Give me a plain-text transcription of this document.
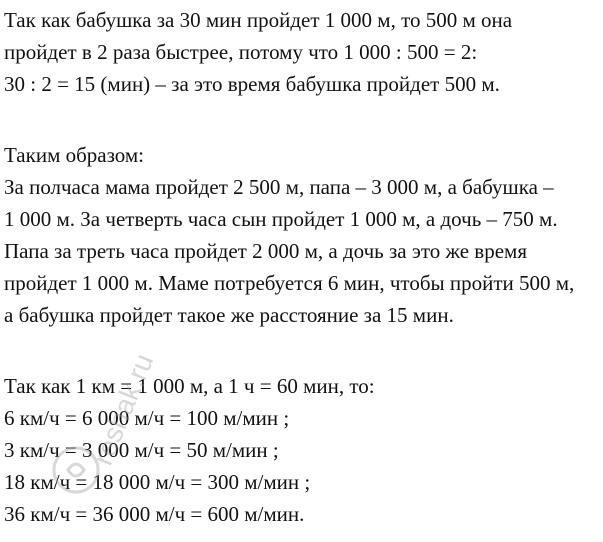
Так как бабушка за 30 мин пройдет 1 000 м, то 500 м она
пройдет в 2 раза быстрее, потому что 1 000 : 500 = 2:
30 : 2 = 15 (мин) – за это время бабушка пройдет 500 м.
Таким образом:
За полчаса мама пройдет 2 500 м, папа – 3 000 м, а бабушка –
1 000 м. За четверть часа сын пройдет 1 000 м, а дочь – 750 м.
Папа за треть часа пройдет 2 000 м, а дочь за это же время
пройдет 1 000 м. Маме потребуется 6 мин, чтобы пройти 500 м,
а бабушка пройдет такое же расстояние за 15 мин.
Так как 1 км = 1 000 м, а 1 ч = 60 мин, то:
6 км/ч = 6 000 м/ч = 100 м/мин ;
3 км/ч = 3 000 м/ч = 50 м/мин ;
18 км/ч = 18 000 м/ч = 300 м/мин ;
36 км/ч = 36 000 м/ч = 600 м/мин.
reshak.ru
